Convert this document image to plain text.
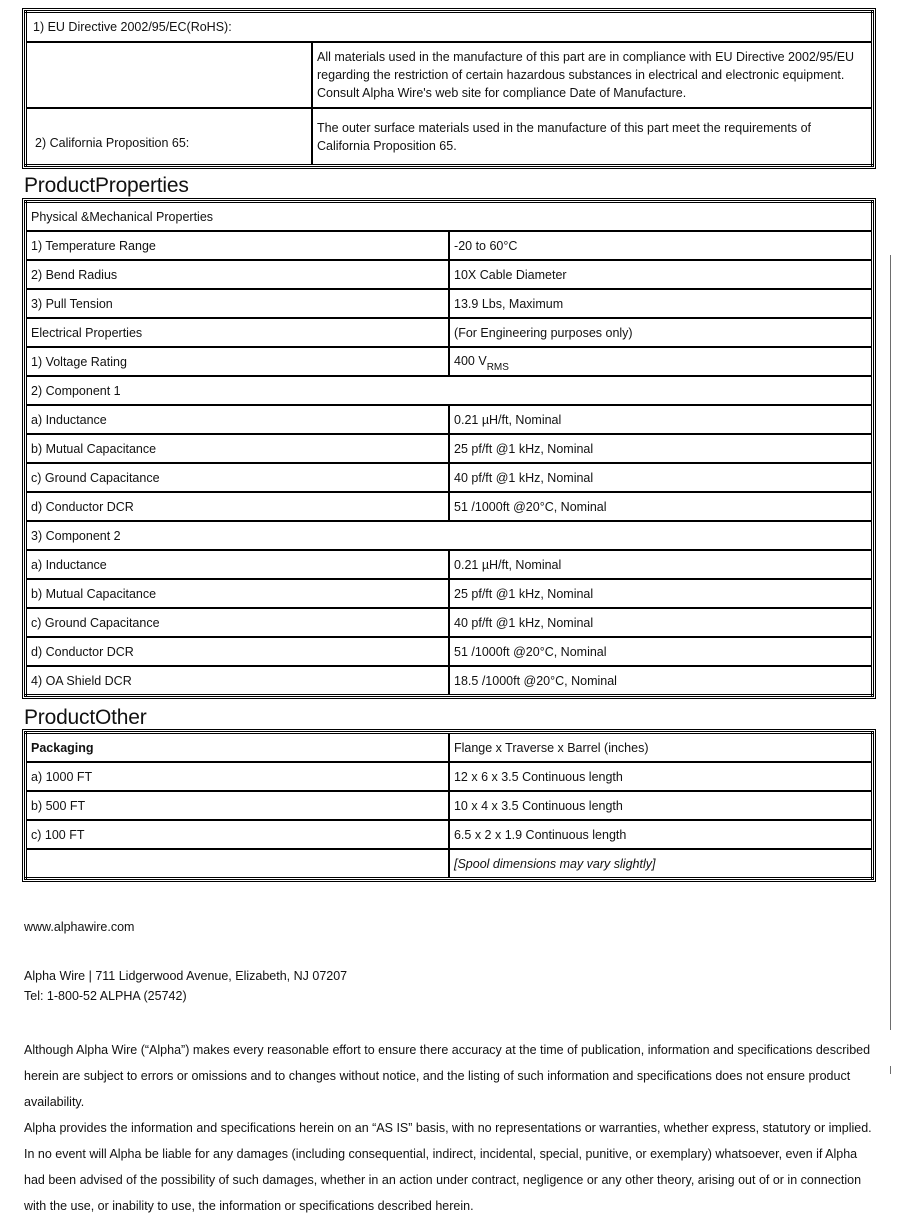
1) EU Directive 2002/95/EC(RoHS):	
	All materials used in the manufacture of this part are in compliance with EU Directive 2002/95/EU regarding the restriction of certain hazardous substances in electrical and electronic equipment. Consult Alpha Wire's web site for compliance Date of Manufacture.
2) California Proposition 65:	The outer surface materials used in the manufacture of this part meet the requirements of California Proposition 65.
ProductProperties
Physical &Mechanical Properties	
1) Temperature Range	-20 to 60°C
2) Bend Radius	10X Cable Diameter
3) Pull Tension	13.9 Lbs, Maximum
Electrical Properties	(For Engineering purposes only)
1) Voltage Rating	400 $V_{RMS}$
2) Component 1	
a) Inductance	0.21 µH/ft, Nominal
b) Mutual Capacitance	25 pf/ft @1 kHz, Nominal
c) Ground Capacitance	40 pf/ft @1 kHz, Nominal
d) Conductor DCR	51 /1000ft @20°C, Nominal
3) Component 2	
a) Inductance	0.21 µH/ft, Nominal
b) Mutual Capacitance	25 pf/ft @1 kHz, Nominal
c) Ground Capacitance	40 pf/ft @1 kHz, Nominal
d) Conductor DCR	51 /1000ft @20°C, Nominal
4) OA Shield DCR	18.5 /1000ft @20°C, Nominal
ProductOther
Packaging	Flange x Traverse x Barrel (inches)
a) 1000 FT	12 x 6 x 3.5 Continuous length
b) 500 FT	10 x 4 x 3.5 Continuous length
c) 100 FT	6.5 x 2 x 1.9 Continuous length
	[Spool dimensions may vary slightly]
www.alphawire.com
Alpha Wire | 711 Lidgerwood Avenue, Elizabeth, NJ 07207
Tel: 1-800-52 ALPHA (25742)

Although Alpha Wire (“Alpha”) makes every reasonable effort to ensure there accuracy at the time of publication, information and specifications described herein are subject to errors or omissions and to changes without notice, and the listing of such information and specifications does not ensure product availability.

Alpha provides the information and specifications herein on an “AS IS” basis, with no representations or warranties, whether express, statutory or implied. In no event will Alpha be liable for any damages (including consequential, indirect, incidental, special, punitive, or exemplary) whatsoever, even if Alpha had been advised of the possibility of such damages, whether in an action under contract, negligence or any other theory, arising out of or in connection with the use, or inability to use, the information or specifications described herein.
